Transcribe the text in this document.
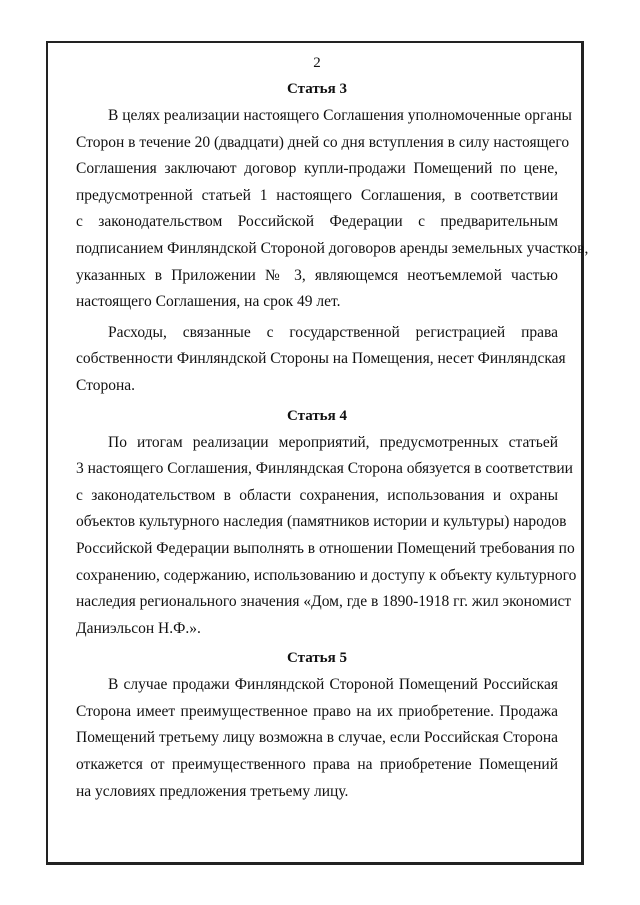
2
Статья 3
В целях реализации настоящего Соглашения уполномоченные органы
Сторон в течение 20 (двадцати) дней со дня вступления в силу настоящего
Соглашения заключают договор купли-продажи Помещений по цене,
предусмотренной статьей 1 настоящего Соглашения, в соответствии
с законодательством Российской Федерации с предварительным
подписанием Финляндской Стороной договоров аренды земельных участков,
указанных в Приложении № 3, являющемся неотъемлемой частью
настоящего Соглашения, на срок 49 лет.
Расходы, связанные с государственной регистрацией права
собственности Финляндской Стороны на Помещения, несет Финляндская
Сторона.
Статья 4
По итогам реализации мероприятий, предусмотренных статьей
3 настоящего Соглашения, Финляндская Сторона обязуется в соответствии
с законодательством в области сохранения, использования и охраны
объектов культурного наследия (памятников истории и культуры) народов
Российской Федерации выполнять в отношении Помещений требования по
сохранению, содержанию, использованию и доступу к объекту культурного
наследия регионального значения «Дом, где в 1890-1918 гг. жил экономист
Даниэльсон Н.Ф.».
Статья 5
В случае продажи Финляндской Стороной Помещений Российская
Сторона имеет преимущественное право на их приобретение. Продажа
Помещений третьему лицу возможна в случае, если Российская Сторона
откажется от преимущественного права на приобретение Помещений
на условиях предложения третьему лицу.
